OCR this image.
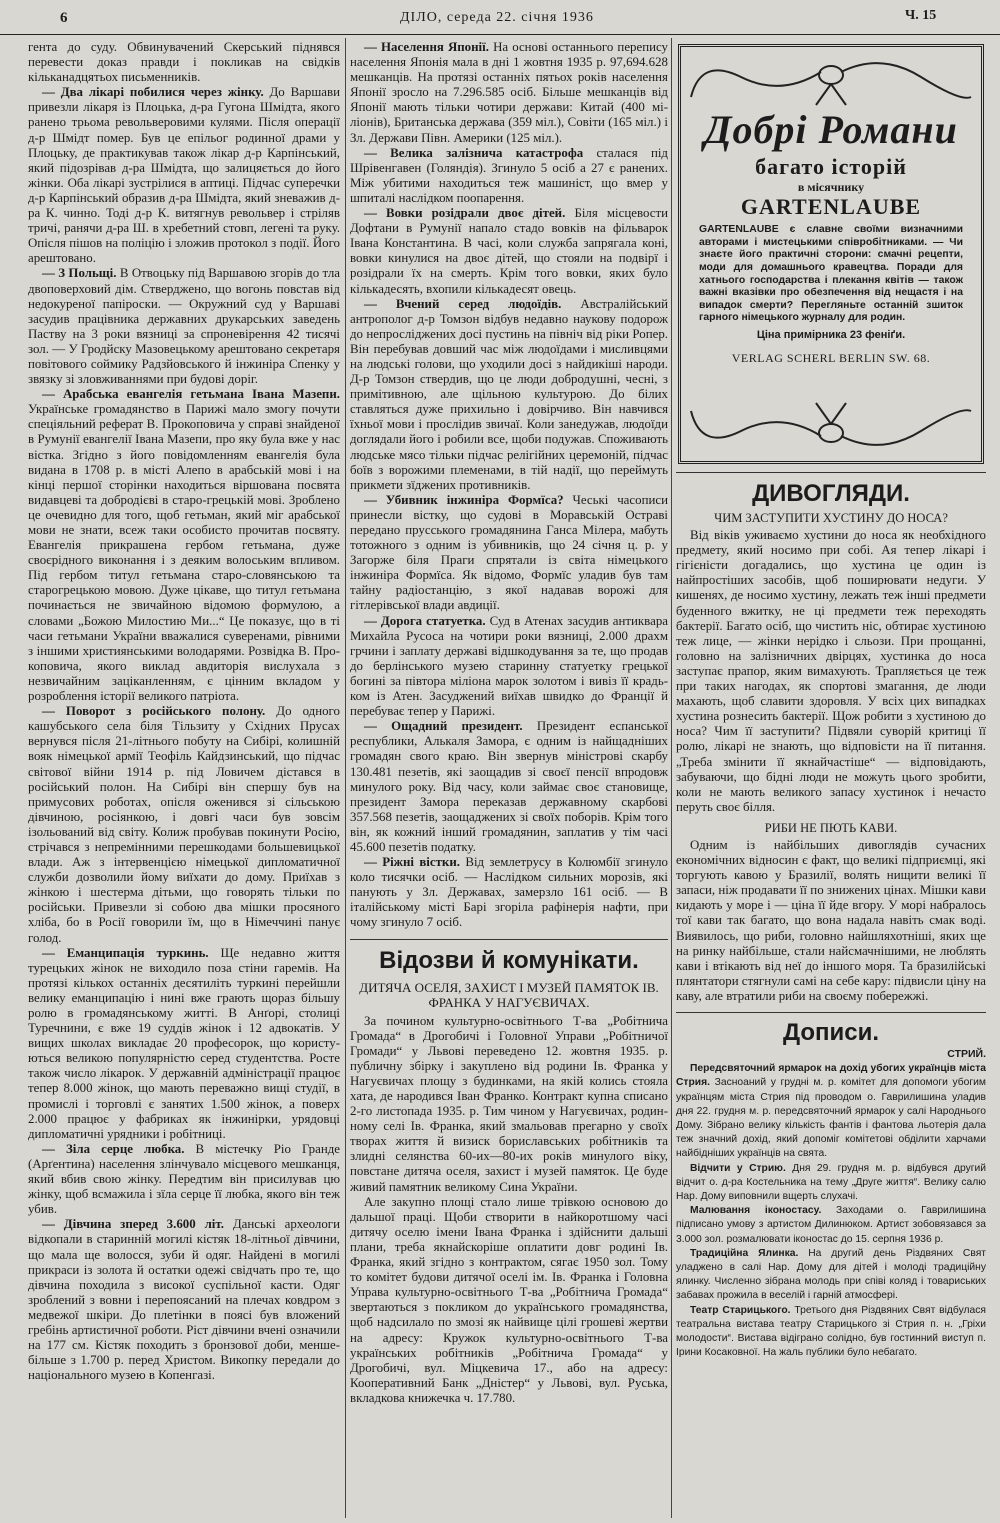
6	ДІЛО, середа 22. січня 1936	Ч. 15

гента до суду. Обвинувачений Скерський піднявся перевести доказ правди і покликав на свідків кільканадцятьох письменників.

— Два лікарі побилися через жінку. До Варшави привезли лікаря із Плоцька, д-ра Гугона Шмідта, якого ранено трьома револьверовими кулями. Після операції д-р Шмідт помер. Був це епільог родинної драми у Плоцьку, де практикував також лікар д-р Карпінський, який підозрівав д-ра Шмідта, що залицяється до його жінки. Оба лікарі зустрілися в аптиці. Підчас суперечки д-р Карпінський образив д-ра Шмідта, який зневажив д-ра К. чинно. Тоді д-р К. витягнув револьвер і стріляв тричі, ранячи д-ра Ш. в хребетний стовп, легені та руку. Опісля пішов на поліцію і зложив протокол з події. Його арештовано.

— З Польщі. В Отвоцьку під Варшавою згорів до тла двоповерховий дім. Стверджено, що вогонь повстав від недокуреної папіроски. — Окружний суд у Варшаві засудив працівника державних друкарських заведень Паству на 3 роки вязниці за спроневірення 42 тисячі зол. — У Гродйску Мазовецькому арештовано секретаря повітового соймику Радзйовського й інжиніра Спенку у звязку зі зловживаннями при будові доріг.

— Арабська евангелія гетьмана Івана Мазепи. Українське громадянство в Парижі мало змогу почути спеціяльний реферат В. Прокоповича у справі знайденої в Румунії евангелії Івана Мазепи, про яку була вже у нас вістка. Згідно з його повідомленням евангелія була видана в 1708 р. в місті Алепо в арабській мові і на кінці першої сторінки находиться віршована посвята видавцеві та добродієві в старо-грецькій мові. Зроблено це очевидно для того, щоб гетьман, який міг арабської мови не знати, всеж таки особисто прочитав посвяту. Евангелія прикрашена гербом гетьмана, дуже своєрідного виконання і з деяким волоським впливом. Під гербом титул гетьмана старо-словянською та старогрецькою мовою. Дуже цікаве, що титул гетьмана починається не звичайною відомою формулою, а словами „Божою Милостию Ми...“ Це показує, що в ті часи гетьмани України вважалися суверенами, рівними з іншими християнськими володарями. Розвідка В. Прокоповича, якого виклад авдиторія вислухала з незвичайним заціканленням, є цінним вкладом у розроблення історії великого патріота.

— Поворот з російського полону. До одного кашубського села біля Тільзиту у Східних Прусах вернувся після 21-літнього побуту на Сибірі, колишній вояк німецької армії Теофіль Кайдзинський, що підчас світової війни 1914 р. під Ловичем дістався в російський полон. На Сибірі він спершу був на примусових роботах, опісля оженився зі сільською дівчиною, росіянкою, і довгі часи був зовсім ізольований від світу. Колиж пробував покинути Росію, стрічався з непремінними перешкодами большевицької влади. Аж з інтервенцією німецької дипломатичної служби дозволили йому виїхати до дому. Приїхав з жінкою і шестерма дітьми, що говорять тільки по російськи. Привезли зі собою два мішки просяного хліба, бо в Росії говорили їм, що в Німеччині панує голод.

— Еманципація туркинь. Ще недавно життя турецьких жінок не виходило поза стіни гаремів. На протязі кількох останніх десятиліть туркині перейшли велику еманципацію і нині вже грають щораз більшу ролю в громадянському житті. В Анґорі, столиці Туречнини, є вже 19 суддів жінок і 12 адвокатів. У вищих школах викладає 20 професорок, що користуються великою популярністю серед студентства. Росте також число лікарок. У державній адміністрації працює тепер 8.000 жінок, що мають переважно вищі студії, в промислі і торговлі є занятих 1.500 жінок, а поверх 2.000 працює у фабриках як інжинірки, урядовці дипломатичні урядники і робітниці.

— Зіла серце любка. В містечку Ріо Гранде (Арґентина) населення злінчувало місцевого мешканця, який вбив свою жінку. Передтим він присилував цю жінку, щоб всмажила і зїла серце її любка, якого він теж убив.

— Дівчина зперед 3.600 літ. Данські археологи відкопали в старинній могилі кістяк 18-літньої дівчини, що мала ще волосся, зуби й одяг. Найдені в могилі прикраси із золота й остатки одежі свідчать про те, що дівчина походила з високої суспільної касти. Одяг зроблений з вовни і перепоясаний на плечах ковдром з медвежої шкіри. До плетінки в поясі був вложений гребінь артистичної роботи. Ріст дівчини вчені означили на 177 см. Кістяк походить з бронзової доби, менше-більше з 1.700 р. перед Христом. Викопку передали до національного музею в Копенгазі.

— Населення Японії. На основі останнього перепису населення Японія мала в дні 1 жовтня 1935 р. 97,694.628 мешканців. На протязі останніх пятьох років населення Японії зросло на 7.296.585 осіб. Більше мешканців від Японії мають тільки чотири держави: Китай (400 міліонів), Британська держава (359 міл.), Совіти (165 міл.) і Зл. Держави Півн. Америки (125 міл.).

— Велика залізнича катастрофа сталася під Шрівенгавен (Голяндія). Згинуло 5 осіб а 27 є ранених. Між убитими находиться теж машиніст, що вмер у шпиталі наслідком поопарення.

— Вовки розідрали двоє дітей. Біля місцевости Дофтани в Румунії напало стадо вовків на фільварок Івана Константина. В часі, коли служба запрягала коні, вовки кинулися на двоє дітей, що стояли на подвірї і розідрали їх на смерть. Крім того вовки, яких було кількадесять, вхопили кількадесят овець.

— Вчений серед людоїдів. Австралійський антрополог д-р Томзон відбув недавно наукову подорож до непросліджених досі пустинь на північ від ріки Ропер. Він перебував довший час між людоїдами і мисливцями на людські голови, що уходили досі з найдикіші народи. Д-р Томзон ствердив, що це люди добродушні, чесні, з примітивною, але щільною культурою. До білих ставляться дуже прихильно і довірчиво. Він навчився їхньої мови і прослідив звичаї. Коли занедужав, людоїди доглядали його і робили все, щоби подужав. Споживають людське мясо тільки підчас релігійних церемоній, підчас боїв з ворожими племенами, в тій надії, що переймуть прикмети зїджених противників.

— Убивник інжиніра Формїса? Чеські часописи принесли вістку, що судові в Моравській Остраві передано прусського громадянина Ганса Мілера, мабуть тотожного з одним із убивників, що 24 січня ц. р. у Загорже біля Праги спрятали із світа німецького інжиніра Формїса. Як відомо, Формїс уладив був там тайну радіостанцію, з якої надавав ворожі для гітлерівської влади авдиції.

— Дорога статуетка. Суд в Атенах засудив антикварa Михайла Русоса на чотири роки вязниці, 2.000 драхм грчини і заплату державі відшкодування за те, що продав до берлінського музею старинну статуетку грецької богині за півтора міліона марок золотом і вивіз її крадьком із Атен. Засуджений виїхав швидко до Франції й перебуває тепер у Парижі.

— Ощадний президент. Президент еспанської республики, Алькаля Замора, є одним із найщадніших громадян свого краю. Він звернув міністрові скарбу 130.481 пезетів, які заощадив зі своєї пенсії впродовж минулого року. Від часу, коли займає своє становище, президент Замора переказав державному скарбові 357.568 пезетів, заощаджених зі своїх поборів. Крім того він, як кожний інший громадянин, заплатив у тім часі 45.600 пезетів податку.

— Ріжні вістки. Від землетрусу в Колюмбії згинуло коло тисячки осіб. — Наслідком сильних морозів, які панують у Зл. Державах, замерзло 161 осіб. — В італійському місті Барі згоріла рафінерія нафти, при чому згинуло 7 осіб.

Відозви й комунікати.
ДИТЯЧА ОСЕЛЯ, ЗАХИСТ І МУЗЕЙ ПАМЯТОК ІВ. ФРАНКА У НАГУЄВИЧАХ.

За почином культурно-освітнього Т-ва „Робітнича Громада“ в Дрогобичі і Головної Управи „Робітничої Громади“ у Львові переведено 12. жовтня 1935. р. публичну збірку і закуплено від родини Ів. Франка у Нагуєвичах площу з будинками, на якій колись стояла хата, де народився Іван Франко. Контракт купна списано 2-го листопада 1935. р. Тим чином у Нагуєвичах, родинному селі Ів. Франка, який змальовав прегарно у своїх творах життя й визиск бориславських робітників та злидні селянства 60-их—80-их років минулого віку, повстане дитяча оселя, захист і музей памяток. Це буде живий памятник великому Сина України.

Але закупно площі стало лише трівкою основою до дальшої праці. Щоби створити в найкоротшому часі дитячу оселю імени Івана Франка і здійснити дальші плани, треба якнайскоріше оплатити довг родині Ів. Франка, який згідно з контрактом, сягає 1950 зол. Тому то комітет будови дитячої оселі ім. Ів. Франка і Головна Управа культурно-освітнього Т-ва „Робітнича Громада“ звертаються з покликом до українського громадянства, щоб надсилало по змозі як найвище цілі грошеві жертви на адресу: Кружок культурно-освітнього Т-ва українських робітників „Робітнича Громада“ у Дрогобичі, вул. Міцкевича 17., або на адресу: Кооперативний Банк „Дністер“ у Львові, вул. Руська, вкладкова книжечка ч. 17.780.

Добрі Романи
багато історій
в місячнику
GARTENLAUBE
GARTENLAUBE є славне своїми визначними авторами і мистецькими співробітниками. — Чи знаєте його практичні сторони: смачні рецепти, моди для домашнього кравецтва. Поради для хатнього господарства і плекання квітів — також важні вказівки про обезпечення від нещастя і на випадок смерти? Перегляньте останній зшиток гарного німецького журналу для родин.
Ціна примірника 23 феніґи.
VERLAG SCHERL BERLIN SW. 68.
ДИВОГЛЯДИ.
ЧИМ ЗАСТУПИТИ ХУСТИНУ ДО НОСА?

Від віків уживаємо хустини до носа як необхідного предмету, який носимо при собі. Ая тепер лікарі і гігієністи догадались, що хустина це один із найпростіших засобів, щоб поширювати недуги. У кишенях, де носимо хустину, лежать теж інші предмети буденного вжитку, не ці предмети теж переходять бактерії. Багато осіб, що чистить ніс, обтирає хустиною теж лице, — жінки нерідко і сльози. При прощанні, головно на залізничних двірцях, хустинка до носа заступає прапор, яким вимахують. Трапляється це теж при таких нагодах, як спортові змагання, де люди махають, щоб славити здоровля. У всіх цих випадках хустина рознесить бактерії. Щож робити з хустиною до носа? Чим її заступити? Підвяли суворій критиці її ролю, лікарі не знають, що відповісти на її питання. „Треба змінити її якнайчастіше“ — відповідають, забуваючи, що біднi люди не можуть цього зробити, коли не мають великого запасу хустинок і нечасто перуть своє білля.

РИБИ НЕ ПЮТЬ КАВИ.

Одним із найбільших дивоглядів сучасних економічних відносин є факт, що великі підприємці, які торгують кавою у Бразилії, волять нищити великі її запаси, ніж продавати її по знижених цінах. Мішки кави кидають у море і — ціна її йде вгору. У морі набралось тої кави так багато, що вона надала навіть смак воді. Виявилось, що риби, головно найшляхотніші, яких ще на ринку найбільше, стали найсмачнішими, не люблять кави і втікають від неї до іншого моря. Та бразилійські плянтатори стягнули самі на себе кару: підвисли ціну на каву, але втратили риби на своєму побережжі.

Дописи.
СТРИЙ.

Передсвяточний ярмарок на дохід убогих українців міста Стрия. Засноаний у грудні м. р. комітет для допомоги убогим українцям міста Стрия під проводом о. Гаврилишина уладив дня 22. грудня м. р. передсвяточний ярмарок у салі Народнього Дому. Зібрано велику кількість фантів і фантова льотерія дала теж значний дохід, який допоміг комітетові обділити харчами найбідніших українців на свята.

Відчити у Стрию. Дня 29. грудня м. р. відбувся другий відчит о. д-ра Костельника на тему „Друге життя“. Велику салю Нар. Дому виповнили вщерть слухачі.

Малювання іконостасу. Заходами о. Гаврилишина підписано умову з артистом Дилинюком. Артист зобовязався за 3.000 зол. розмалювати іконостас до 15. серпня 1936 р.

Традиційна Ялинка. На другий день Різдвяних Свят уладжено в салі Нар. Дому для дітей і молоді традиційну ялинку. Численно зібрана молодь при співі коляд і товариських забавах прожила в веселій і гарній атмосфері.

Театр Старицького. Третього дня Різдвяних Свят відбулася театральна вистава театру Старицького зі Стрия п. н. „Гріхи молодости“. Вистава відіграно солідно, був гостинний виступ п. Ірини Косаковної. На жаль публики було небагато.
